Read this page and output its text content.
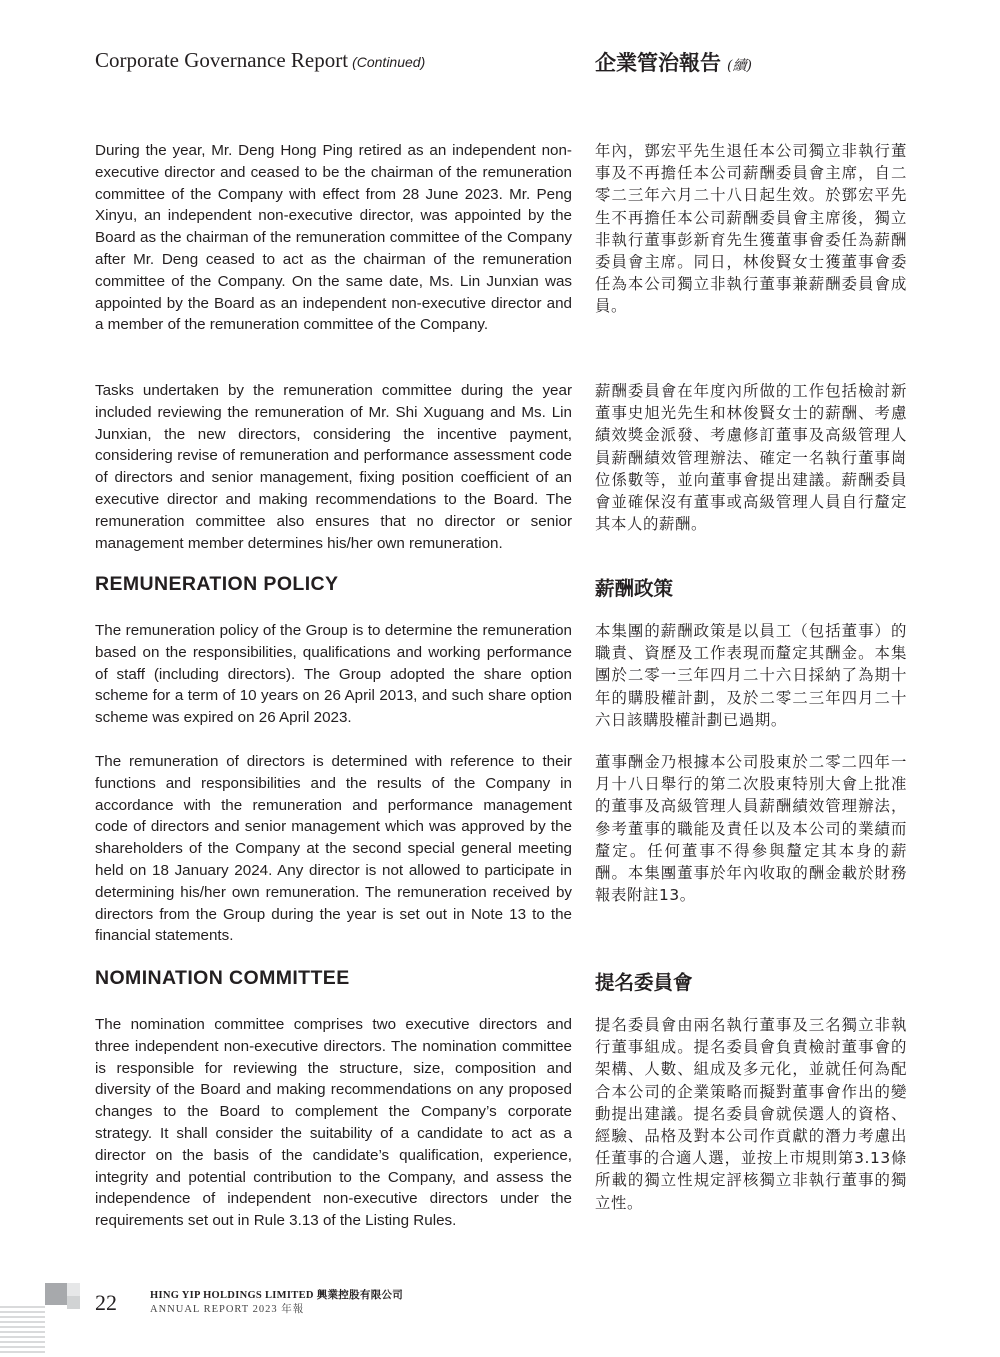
Corporate Governance Report (Continued)	企業管治報告 (續)

During the year, Mr. Deng Hong Ping retired as an independent non-executive director and ceased to be the chairman of the remuneration committee of the Company with effect from 28 June 2023. Mr. Peng Xinyu, an independent non-executive director, was appointed by the Board as the chairman of the remuneration committee of the Company after Mr. Deng ceased to act as the chairman of the remuneration committee of the Company. On the same date, Ms. Lin Junxian was appointed by the Board as an independent non-executive director and a member of the remuneration committee of the Company.

Tasks undertaken by the remuneration committee during the year included reviewing the remuneration of Mr. Shi Xuguang and Ms. Lin Junxian, the new directors, considering the incentive payment, considering revise of remuneration and performance assessment code of directors and senior management, fixing position coefficient of an executive director and making recommendations to the Board. The remuneration committee also ensures that no director or senior management member determines his/her own remuneration.

年內，鄧宏平先生退任本公司獨立非執行董事及不再擔任本公司薪酬委員會主席，自二零二三年六月二十八日起生效。於鄧宏平先生不再擔任本公司薪酬委員會主席後，獨立非執行董事彭新育先生獲董事會委任為薪酬委員會主席。同日，林俊賢女士獲董事會委任為本公司獨立非執行董事兼薪酬委員會成員。

薪酬委員會在年度內所做的工作包括檢討新董事史旭光先生和林俊賢女士的薪酬、考慮績效獎金派發、考慮修訂董事及高級管理人員薪酬績效管理辦法、確定一名執行董事崗位係數等，並向董事會提出建議。薪酬委員會並確保沒有董事或高級管理人員自行釐定其本人的薪酬。

REMUNERATION POLICY	薪酬政策

The remuneration policy of the Group is to determine the remuneration based on the responsibilities, qualifications and working performance of staff (including directors). The Group adopted the share option scheme for a term of 10 years on 26 April 2013, and such share option scheme was expired on 26 April 2023.

The remuneration of directors is determined with reference to their functions and responsibilities and the results of the Company in accordance with the remuneration and performance management code of directors and senior management which was approved by the shareholders of the Company at the second special general meeting held on 18 January 2024. Any director is not allowed to participate in determining his/her own remuneration. The remuneration received by directors from the Group during the year is set out in Note 13 to the financial statements.

本集團的薪酬政策是以員工（包括董事）的職責、資歷及工作表現而釐定其酬金。本集團於二零一三年四月二十六日採納了為期十年的購股權計劃，及於二零二三年四月二十六日該購股權計劃已過期。

董事酬金乃根據本公司股東於二零二四年一月十八日舉行的第二次股東特別大會上批准的董事及高級管理人員薪酬績效管理辦法，參考董事的職能及責任以及本公司的業績而釐定。任何董事不得參與釐定其本身的薪酬。本集團董事於年內收取的酬金載於財務報表附註13。

NOMINATION COMMITTEE	提名委員會

The nomination committee comprises two executive directors and three independent non-executive directors. The nomination committee is responsible for reviewing the structure, size, composition and diversity of the Board and making recommendations on any proposed changes to the Board to complement the Company’s corporate strategy. It shall consider the suitability of a candidate to act as a director on the basis of the candidate’s qualification, experience, integrity and potential contribution to the Company, and assess the independence of independent non-executive directors under the requirements set out in Rule 3.13 of the Listing Rules.

提名委員會由兩名執行董事及三名獨立非執行董事組成。提名委員會負責檢討董事會的架構、人數、組成及多元化，並就任何為配合本公司的企業策略而擬對董事會作出的變動提出建議。提名委員會就侯選人的資格、經驗、品格及對本公司作貢獻的潛力考慮出任董事的合適人選，並按上市規則第3.13條所載的獨立性規定評核獨立非執行董事的獨立性。

22	HING YIP HOLDINGS LIMITED 興業控股有限公司
ANNUAL REPORT 2023 年報
